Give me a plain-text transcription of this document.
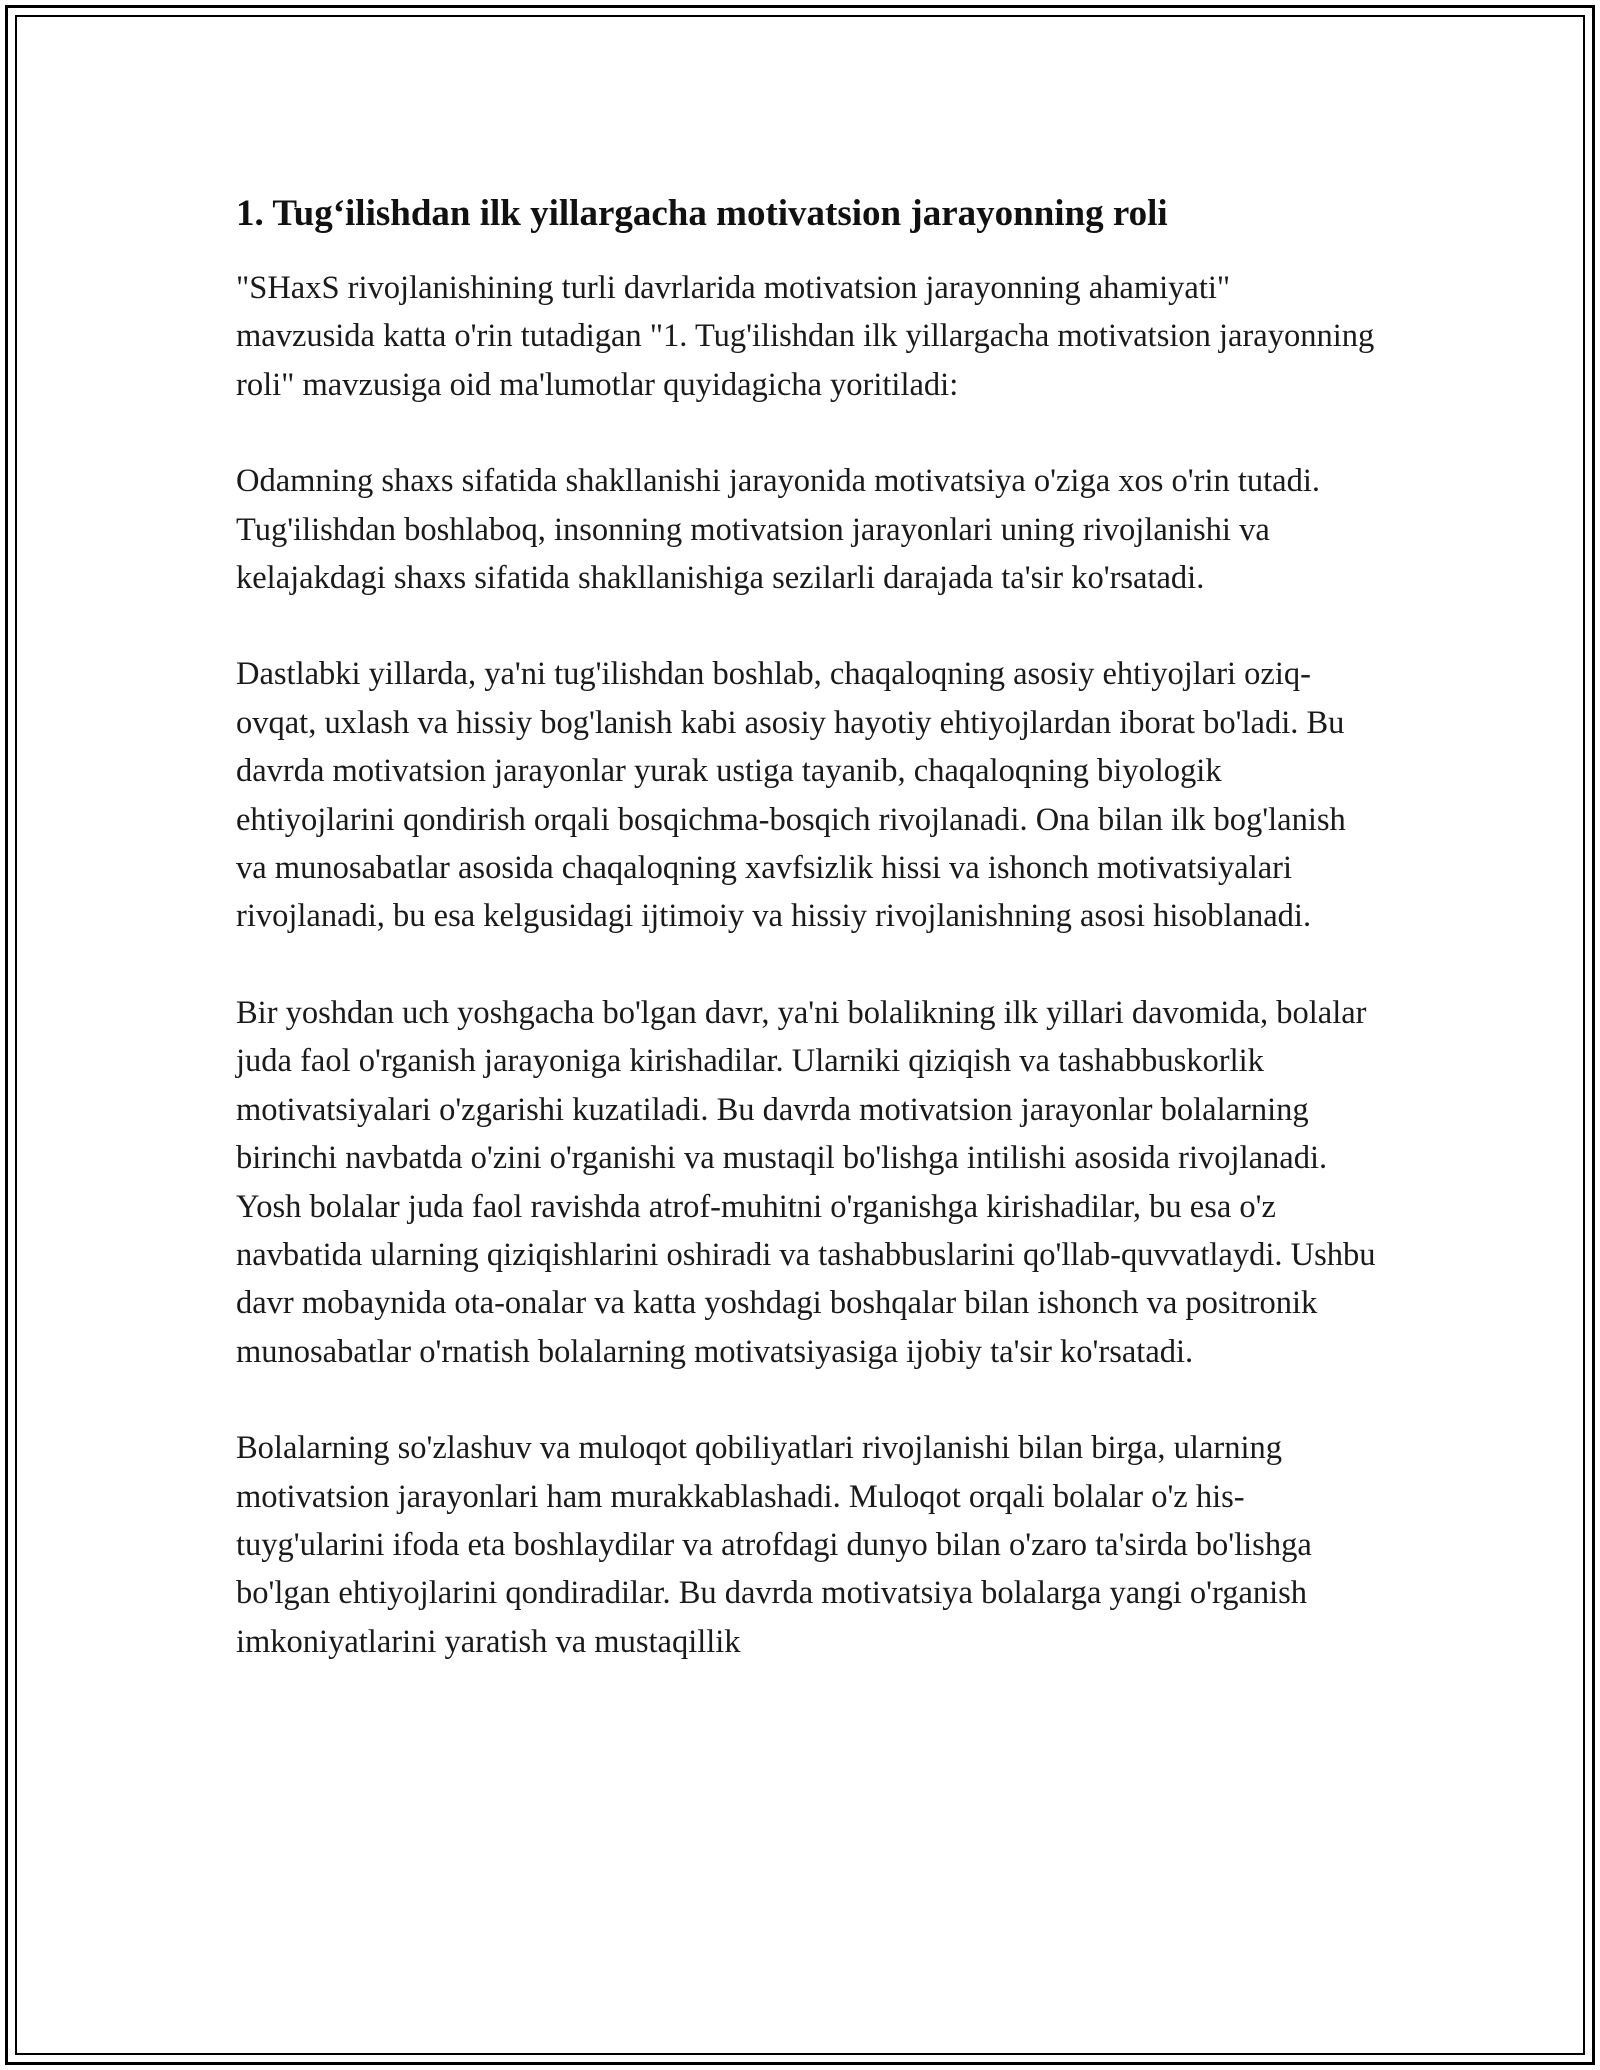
1. Tug‘ilishdan ilk yillargacha motivatsion jarayonning roli

"SHaxS rivojlanishining turli davrlarida motivatsion jarayonning ahamiyati" mavzusida katta o'rin tutadigan "1. Tug'ilishdan ilk yillargacha motivatsion jarayonning roli" mavzusiga oid ma'lumotlar quyidagicha yoritiladi:

Odamning shaxs sifatida shakllanishi jarayonida motivatsiya o'ziga xos o'rin tutadi. Tug'ilishdan boshlaboq, insonning motivatsion jarayonlari uning rivojlanishi va kelajakdagi shaxs sifatida shakllanishiga sezilarli darajada ta'sir ko'rsatadi.

Dastlabki yillarda, ya'ni tug'ilishdan boshlab, chaqaloqning asosiy ehtiyojlari oziq-ovqat, uxlash va hissiy bog'lanish kabi asosiy hayotiy ehtiyojlardan iborat bo'ladi. Bu davrda motivatsion jarayonlar yurak ustiga tayanib, chaqaloqning biyologik ehtiyojlarini qondirish orqali bosqichma-bosqich rivojlanadi. Ona bilan ilk bog'lanish va munosabatlar asosida chaqaloqning xavfsizlik hissi va ishonch motivatsiyalari rivojlanadi, bu esa kelgusidagi ijtimoiy va hissiy rivojlanishning asosi hisoblanadi.

Bir yoshdan uch yoshgacha bo'lgan davr, ya'ni bolalikning ilk yillari davomida, bolalar juda faol o'rganish jarayoniga kirishadilar. Ularniki qiziqish va tashabbuskorlik motivatsiyalari o'zgarishi kuzatiladi. Bu davrda motivatsion jarayonlar bolalarning birinchi navbatda o'zini o'rganishi va mustaqil bo'lishga intilishi asosida rivojlanadi. Yosh bolalar juda faol ravishda atrof-muhitni o'rganishga kirishadilar, bu esa o'z navbatida ularning qiziqishlarini oshiradi va tashabbuslarini qo'llab-quvvatlaydi. Ushbu davr mobaynida ota-onalar va katta yoshdagi boshqalar bilan ishonch va positronik munosabatlar o'rnatish bolalarning motivatsiyasiga ijobiy ta'sir ko'rsatadi.

Bolalarning so'zlashuv va muloqot qobiliyatlari rivojlanishi bilan birga, ularning motivatsion jarayonlari ham murakkablashadi. Muloqot orqali bolalar o'z his-tuyg'ularini ifoda eta boshlaydilar va atrofdagi dunyo bilan o'zaro ta'sirda bo'lishga bo'lgan ehtiyojlarini qondiradilar. Bu davrda motivatsiya bolalarga yangi o'rganish imkoniyatlarini yaratish va mustaqillik
